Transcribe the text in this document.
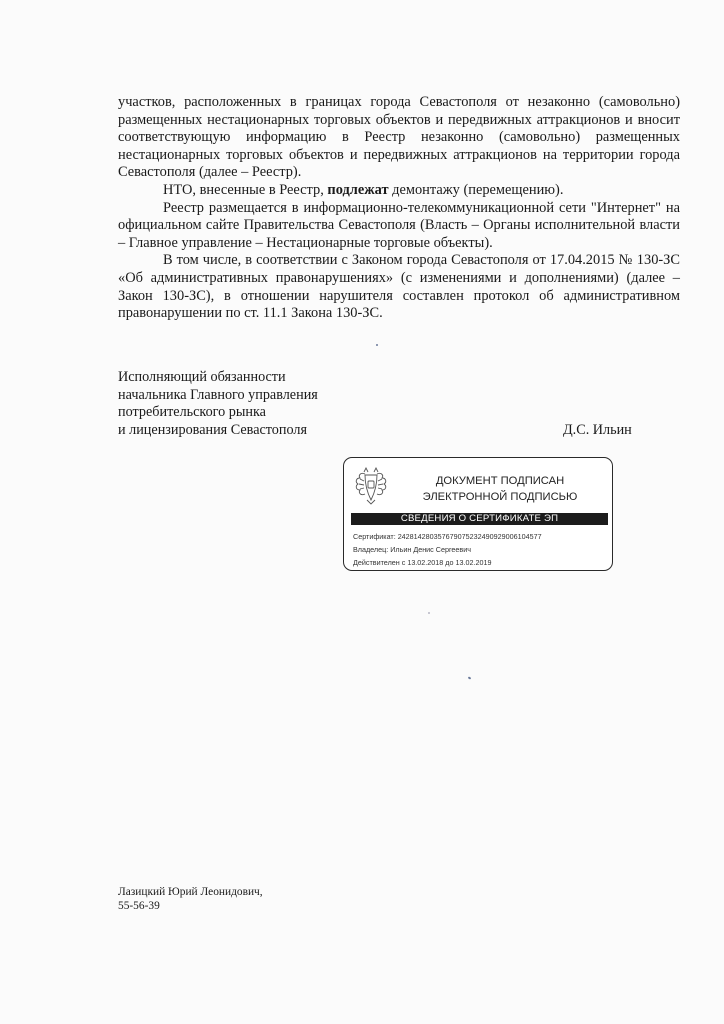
участков, расположенных в границах города Севастополя от незаконно (самовольно) размещенных нестационарных торговых объектов и передвижных аттракционов и вносит соответствующую информацию в Реестр незаконно (самовольно) размещенных нестационарных торговых объектов и передвижных аттракционов на территории города Севастополя (далее – Реестр).

НТО, внесенные в Реестр, подлежат демонтажу (перемещению).

Реестр размещается в информационно-телекоммуникационной сети "Интернет" на официальном сайте Правительства Севастополя (Власть – Органы исполнительной власти – Главное управление – Нестационарные торговые объекты).

В том числе, в соответствии с Законом города Севастополя от 17.04.2015 № 130-ЗС «Об административных правонарушениях» (с изменениями и дополнениями) (далее – Закон 130-ЗС), в отношении нарушителя составлен протокол об административном правонарушении по ст. 11.1 Закона 130-ЗС.

Исполняющий обязанности
начальника Главного управления
потребительского рынка
и лицензирования Севастополя	Д.С. Ильин
ДОКУМЕНТ ПОДПИСАН
ЭЛЕКТРОННОЙ ПОДПИСЬЮ
СВЕДЕНИЯ О СЕРТИФИКАТЕ ЭП
Сертификат: 242814280357679075232490929006104577
Владелец: Ильин Денис Сергеевич
Действителен с 13.02.2018 до 13.02.2019
Лазицкий Юрий Леонидович,
55-56-39
